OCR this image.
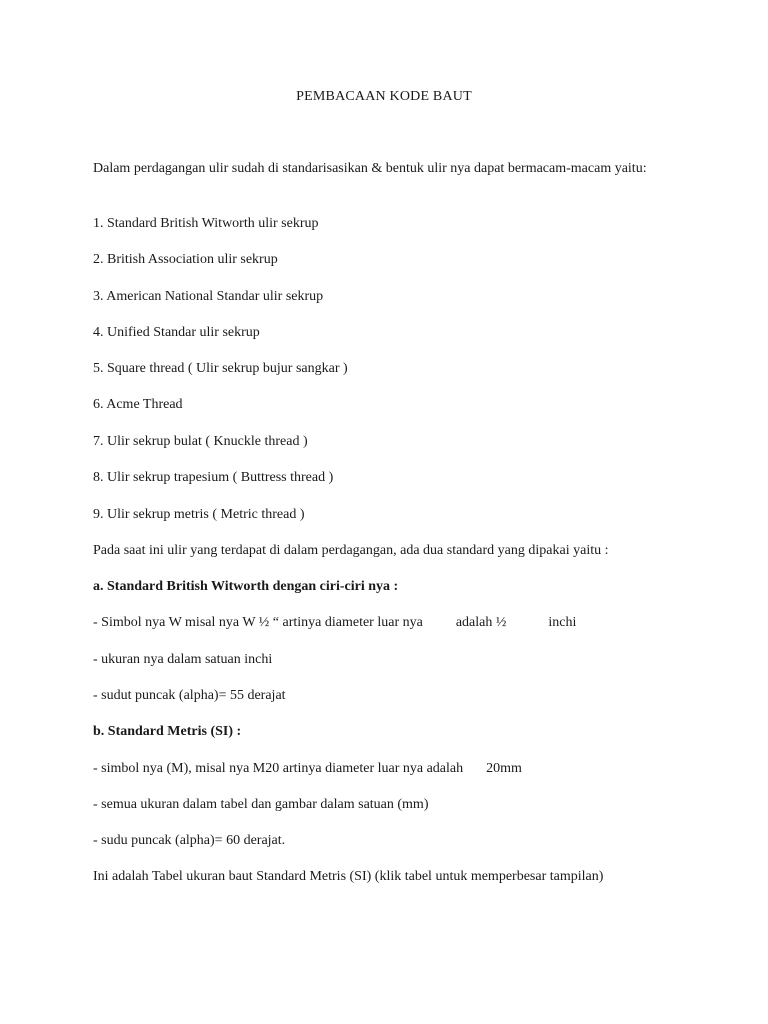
PEMBACAAN KODE BAUT
Dalam perdagangan ulir sudah di standarisasikan & bentuk ulir nya dapat bermacam-macam yaitu:
1. Standard British Witworth ulir sekrup
2. British Association ulir sekrup
3. American National Standar ulir sekrup
4. Unified Standar ulir sekrup
5. Square thread ( Ulir sekrup bujur sangkar )
6. Acme Thread
7. Ulir sekrup bulat ( Knuckle thread )
8. Ulir sekrup trapesium ( Buttress thread )
9. Ulir sekrup metris ( Metric thread )
Pada saat ini ulir yang terdapat di dalam perdagangan, ada dua standard yang dipakai yaitu :
a. Standard British Witworth dengan ciri-ciri nya :
- Simbol nya W misal nya W ½ “ artinya diameter luar nya adalah ½	inchi
- ukuran nya dalam satuan inchi
- sudut puncak (alpha)= 55 derajat
b. Standard Metris (SI) :
- simbol nya (M), misal nya M20 artinya diameter luar nya adalah 20mm
- semua ukuran dalam tabel dan gambar dalam satuan (mm)
- sudu puncak (alpha)= 60 derajat.
Ini adalah Tabel ukuran baut Standard Metris (SI) (klik tabel untuk memperbesar tampilan)
